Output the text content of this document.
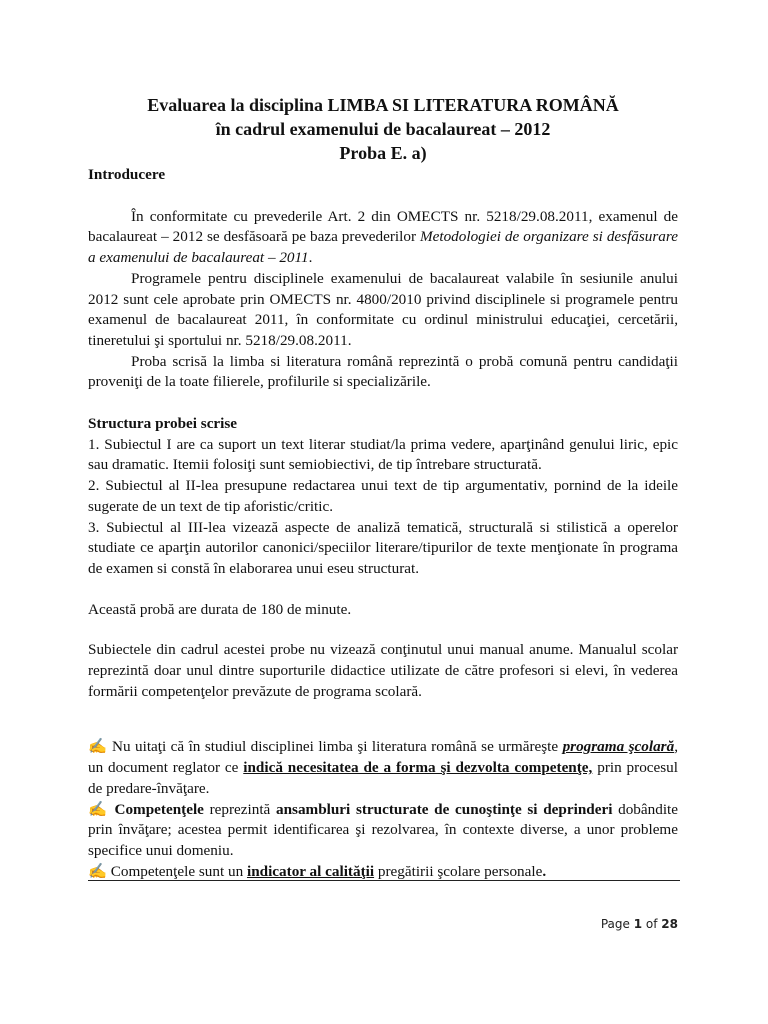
Evaluarea la disciplina LIMBA SI LITERATURA ROMÂNĂ

în cadrul examenului de bacalaureat – 2012

Proba E. a)

Introducere

În conformitate cu prevederile Art. 2 din OMECTS nr. 5218/29.08.2011, examenul de bacalaureat – 2012 se desfăsoară pe baza prevederilor Metodologiei de organizare si desfăsurare a examenului de bacalaureat – 2011.

Programele pentru disciplinele examenului de bacalaureat valabile în sesiunile anului 2012 sunt cele aprobate prin OMECTS nr. 4800/2010 privind disciplinele si programele pentru examenul de bacalaureat 2011, în conformitate cu ordinul ministrului educaţiei, cercetării, tineretului şi sportului nr. 5218/29.08.2011.

Proba scrisă la limba si literatura română reprezintă o probă comună pentru candidaţii proveniţi de la toate filierele, profilurile si specializările.

Structura probei scrise

1. Subiectul I are ca suport un text literar studiat/la prima vedere, aparţinând genului liric, epic sau dramatic. Itemii folosiţi sunt semiobiectivi, de tip întrebare structurată.

2. Subiectul al II-lea presupune redactarea unui text de tip argumentativ, pornind de la ideile sugerate de un text de tip aforistic/critic.

3. Subiectul al III-lea vizează aspecte de analiză tematică, structurală si stilistică a operelor studiate ce aparţin autorilor canonici/speciilor literare/tipurilor de texte menţionate în programa de examen si constă în elaborarea unui eseu structurat.

Această probă are durata de 180 de minute.

Subiectele din cadrul acestei probe nu vizează conţinutul unui manual anume. Manualul scolar reprezintă doar unul dintre suporturile didactice utilizate de către profesori si elevi, în vederea formării competenţelor prevăzute de programa scolară.

✍ Nu uitaţi că în studiul disciplinei limba şi literatura română se urmăreşte programa şcolară, un document reglator ce indică necesitatea de a forma şi dezvolta competenţe, prin procesul de predare-învăţare.

✍ Competenţele reprezintă ansambluri structurate de cunoştinţe si deprinderi dobândite prin învăţare; acestea permit identificarea şi rezolvarea, în contexte diverse, a unor probleme specifice unui domeniu.

✍ Competenţele sunt un indicator al calităţii pregătirii şcolare personale.

Page 1 of 28
